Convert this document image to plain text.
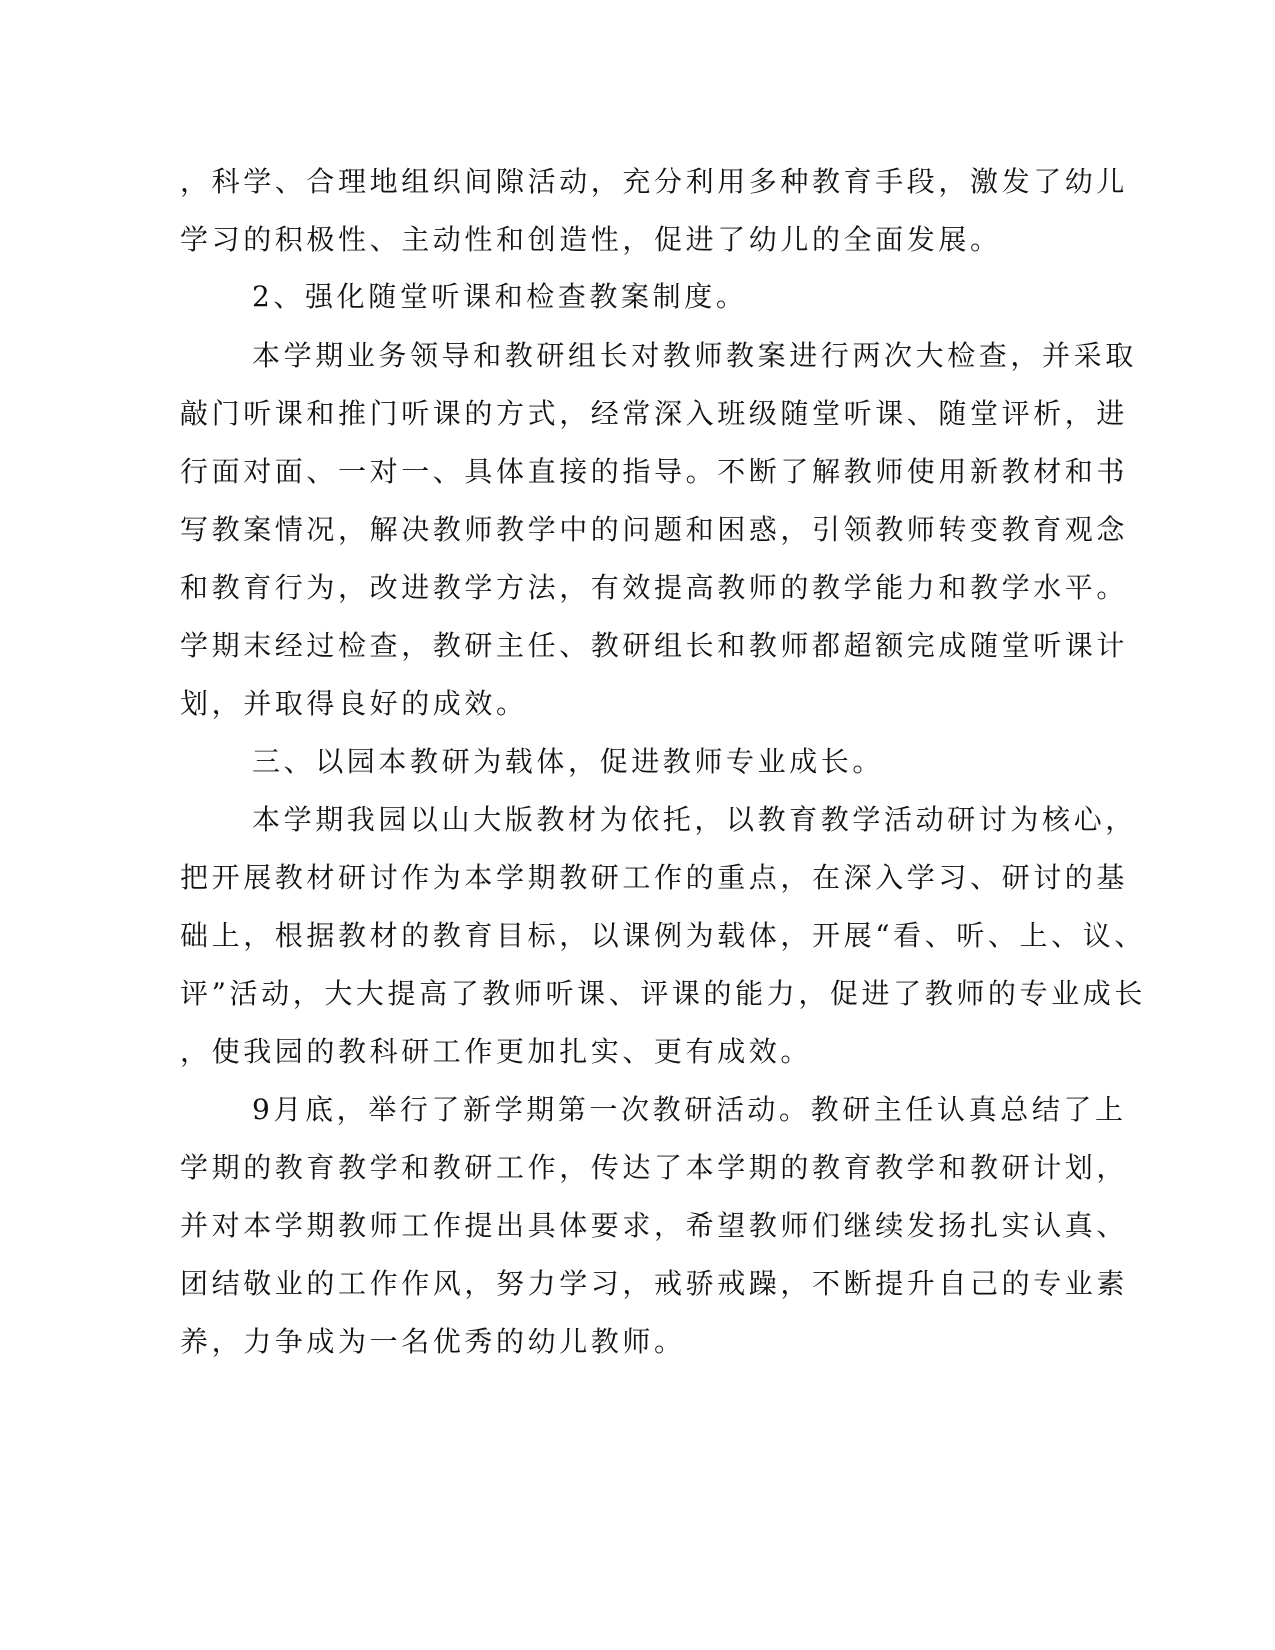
，科学、合理地组织间隙活动，充分利用多种教育手段，激发了幼儿
学习的积极性、主动性和创造性，促进了幼儿的全面发展。
2、强化随堂听课和检查教案制度。
本学期业务领导和教研组长对教师教案进行两次大检查，并采取
敲门听课和推门听课的方式，经常深入班级随堂听课、随堂评析，进
行面对面、一对一、具体直接的指导。不断了解教师使用新教材和书
写教案情况，解决教师教学中的问题和困惑，引领教师转变教育观念
和教育行为，改进教学方法，有效提高教师的教学能力和教学水平。
学期末经过检查，教研主任、教研组长和教师都超额完成随堂听课计
划，并取得良好的成效。
三、以园本教研为载体，促进教师专业成长。
本学期我园以山大版教材为依托，以教育教学活动研讨为核心，
把开展教材研讨作为本学期教研工作的重点，在深入学习、研讨的基
础上，根据教材的教育目标，以课例为载体，开展“看、听、上、议、
评”活动，大大提高了教师听课、评课的能力，促进了教师的专业成长
，使我园的教科研工作更加扎实、更有成效。
9月底，举行了新学期第一次教研活动。教研主任认真总结了上
学期的教育教学和教研工作，传达了本学期的教育教学和教研计划，
并对本学期教师工作提出具体要求，希望教师们继续发扬扎实认真、
团结敬业的工作作风，努力学习，戒骄戒躁，不断提升自己的专业素
养，力争成为一名优秀的幼儿教师。
